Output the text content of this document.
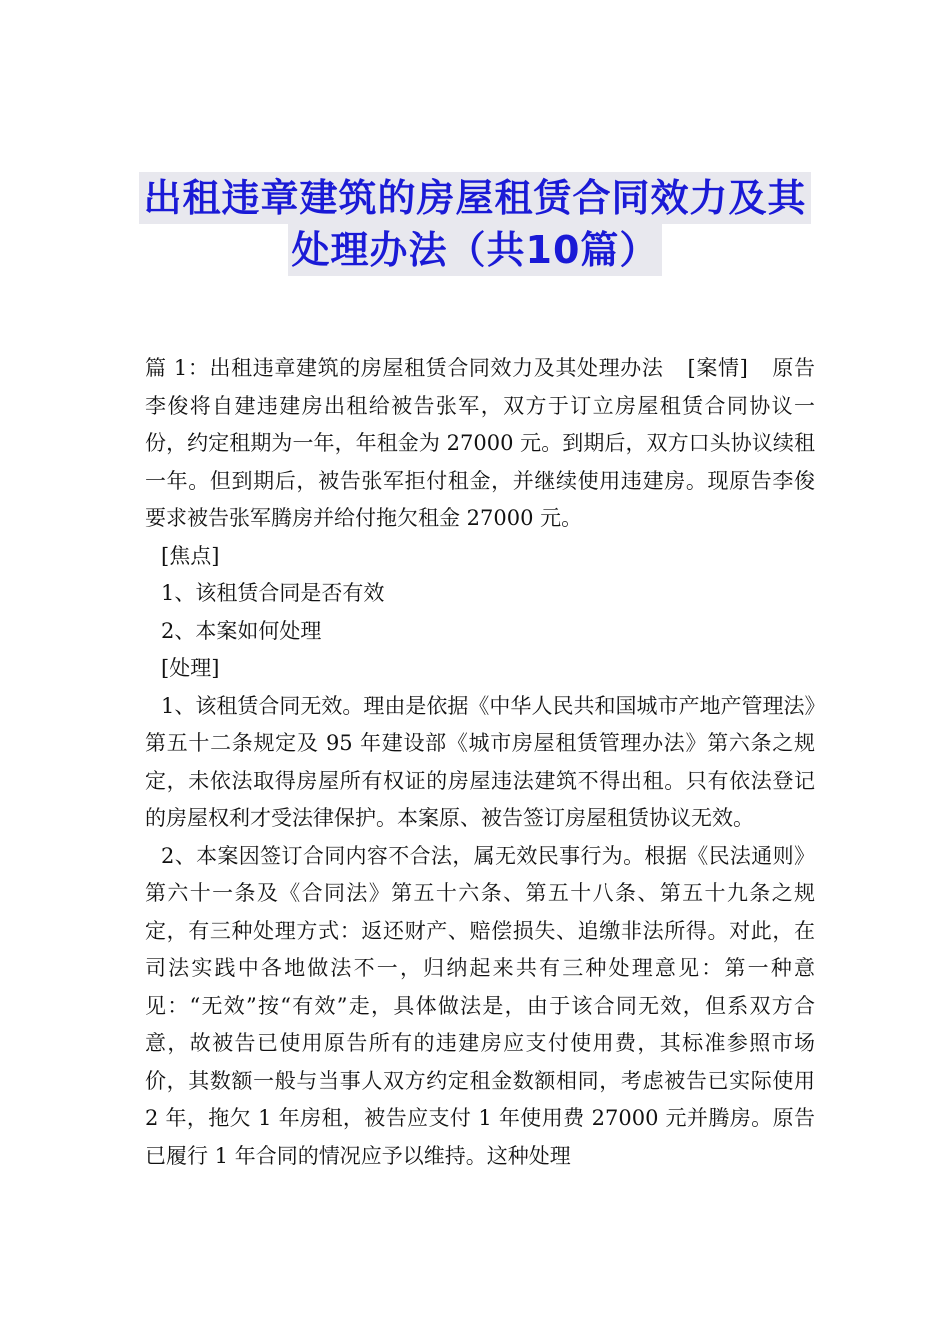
出租违章建筑的房屋租赁合同效力及其
处理办法（共10篇）

篇 1：出租违章建筑的房屋租赁合同效力及其处理办法 [案情] 原告李俊将自建违建房出租给被告张军，双方于订立房屋租赁合同协议一份，约定租期为一年，年租金为 27000 元。到期后，双方口头协议续租一年。但到期后，被告张军拒付租金，并继续使用违建房。现原告李俊要求被告张军腾房并给付拖欠租金 27000 元。

[焦点]

1、该租赁合同是否有效

2、本案如何处理

[处理]

1、该租赁合同无效。理由是依据《中华人民共和国城市产地产管理法》第五十二条规定及 95 年建设部《城市房屋租赁管理办法》第六条之规定，未依法取得房屋所有权证的房屋违法建筑不得出租。只有依法登记的房屋权利才受法律保护。本案原、被告签订房屋租赁协议无效。

2、本案因签订合同内容不合法，属无效民事行为。根据《民法通则》第六十一条及《合同法》第五十六条、第五十八条、第五十九条之规定，有三种处理方式：返还财产、赔偿损失、追缴非法所得。对此，在司法实践中各地做法不一，归纳起来共有三种处理意见：第一种意见：“无效”按“有效”走，具体做法是，由于该合同无效，但系双方合意，故被告已使用原告所有的违建房应支付使用费，其标准参照市场价，其数额一般与当事人双方约定租金数额相同，考虑被告已实际使用 2 年，拖欠 1 年房租，被告应支付 1 年使用费 27000 元并腾房。原告已履行 1 年合同的情况应予以维持。这种处理
